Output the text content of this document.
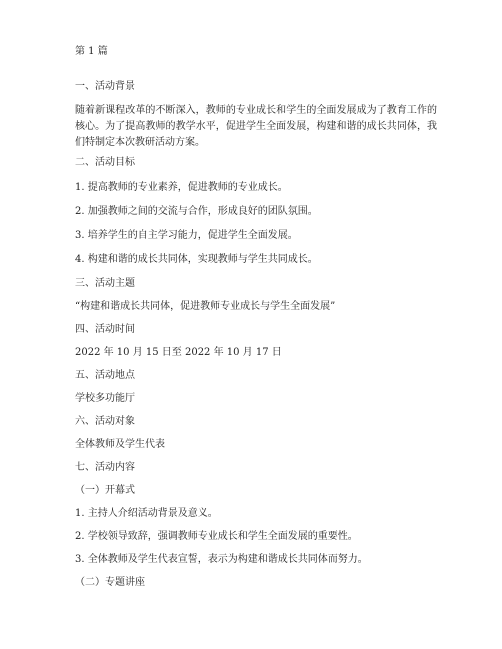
第 1 篇

一、活动背景

随着新课程改革的不断深入，教师的专业成长和学生的全面发展成为了教育工作的核心。为了提高教师的教学水平，促进学生全面发展，构建和谐的成长共同体，我们特制定本次教研活动方案。

二、活动目标

1. 提高教师的专业素养，促进教师的专业成长。

2. 加强教师之间的交流与合作，形成良好的团队氛围。

3. 培养学生的自主学习能力，促进学生全面发展。

4. 构建和谐的成长共同体，实现教师与学生共同成长。

三、活动主题

“构建和谐成长共同体，促进教师专业成长与学生全面发展”

四、活动时间

2022 年 10 月 15 日至 2022 年 10 月 17 日

五、活动地点

学校多功能厅

六、活动对象

全体教师及学生代表

七、活动内容

（一）开幕式

1. 主持人介绍活动背景及意义。

2. 学校领导致辞，强调教师专业成长和学生全面发展的重要性。

3. 全体教师及学生代表宣誓，表示为构建和谐成长共同体而努力。

（二）专题讲座
